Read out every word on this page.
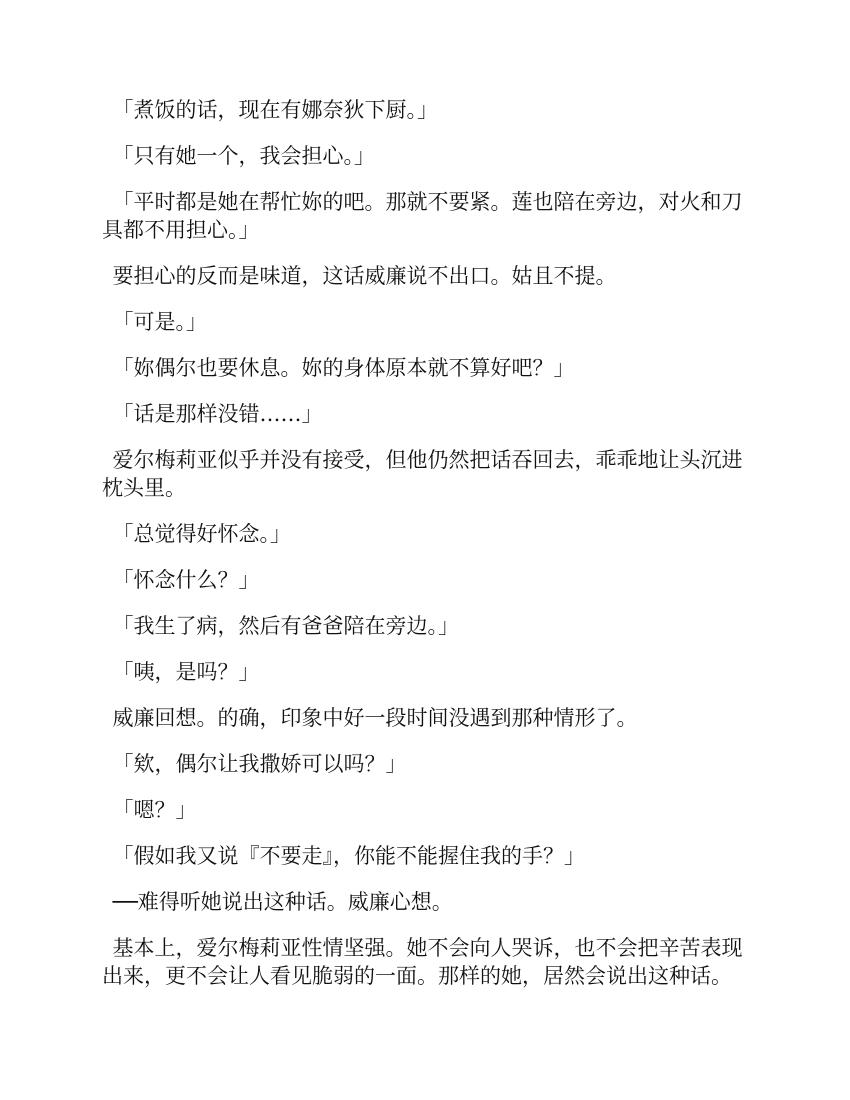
「煮饭的话，现在有娜奈狄下厨。」

「只有她一个，我会担心。」

「平时都是她在帮忙妳的吧。那就不要紧。莲也陪在旁边，对火和刀具都不用担心。」

要担心的反而是味道，这话威廉说不出口。姑且不提。

「可是。」

「妳偶尔也要休息。妳的身体原本就不算好吧？」

「话是那样没错……」

爱尔梅莉亚似乎并没有接受，但他仍然把话吞回去，乖乖地让头沉进枕头里。

「总觉得好怀念。」

「怀念什么？」

「我生了病，然后有爸爸陪在旁边。」

「咦，是吗？」

威廉回想。的确，印象中好一段时间没遇到那种情形了。

「欸，偶尔让我撒娇可以吗？」

「嗯？」

「假如我又说『不要走』，你能不能握住我的手？」

──难得听她说出这种话。威廉心想。

基本上，爱尔梅莉亚性情坚强。她不会向人哭诉，也不会把辛苦表现出来，更不会让人看见脆弱的一面。那样的她，居然会说出这种话。
